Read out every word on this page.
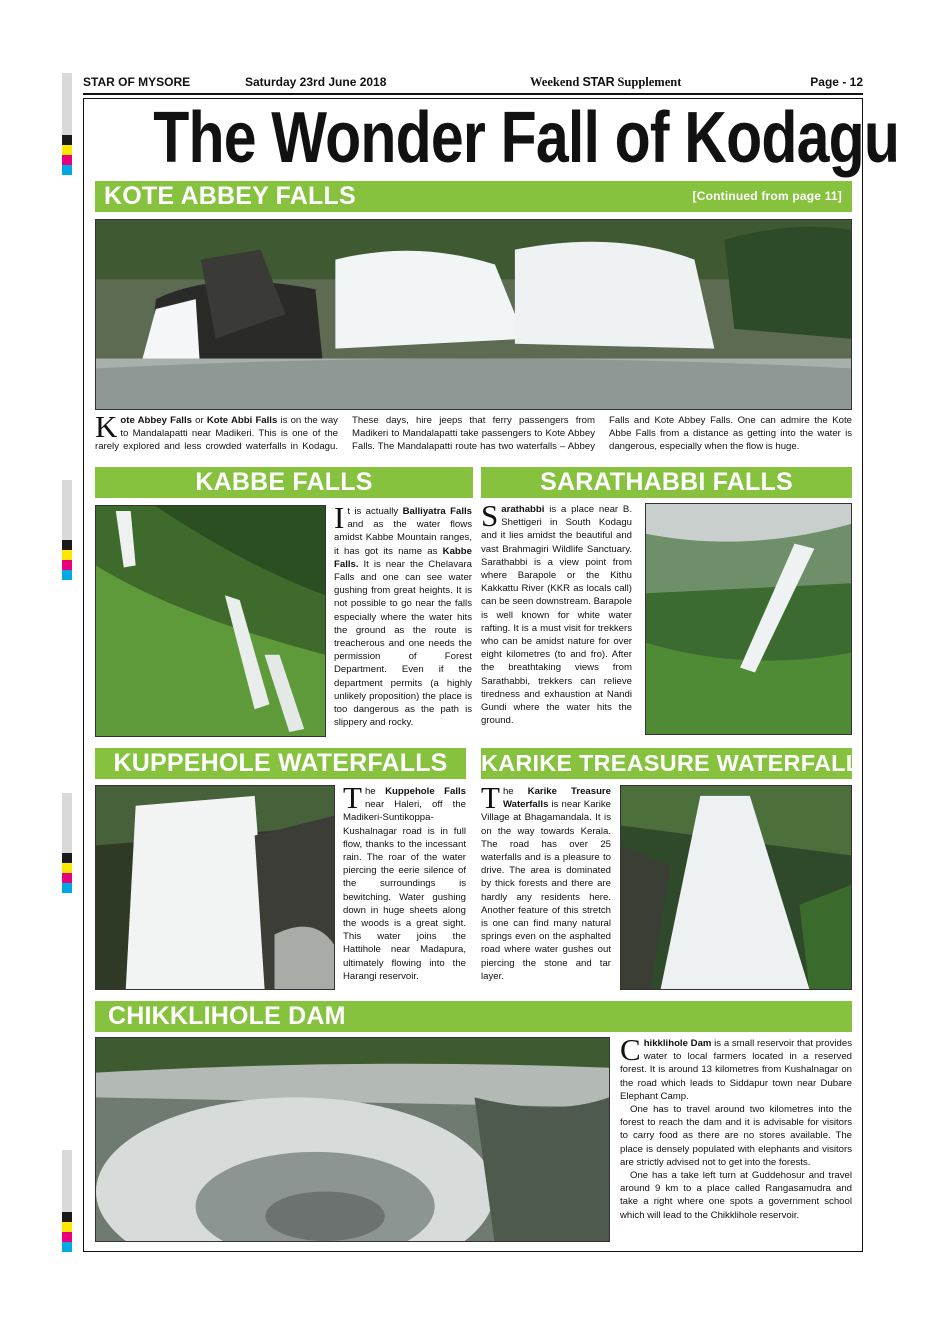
STAR OF MYSORE	Saturday 23rd June 2018	Weekend STAR Supplement	Page - 12
The Wonder Fall of Kodagu
KOTE ABBEY FALLS	[Continued from page 11]

Kote Abbey Falls or Kote Abbi Falls is on the way to Mandalapatti near Madikeri. This is one of the rarely explored and less crowded waterfalls in Kodagu. These days, hire jeeps that ferry passengers from Madikeri to Mandalapatti take passengers to Kote Abbey Falls. The Mandalapatti route has two waterfalls – Abbey Falls and Kote Abbey Falls. One can admire the Kote Abbe Falls from a distance as getting into the water is dangerous, especially when the flow is huge.

KABBE FALLS

It is actually Balliyatra Falls and as the water flows amidst Kabbe Mountain ranges, it has got its name as Kabbe Falls. It is near the Chelavara Falls and one can see water gushing from great heights. It is not possible to go near the falls especially where the water hits the ground as the route is treacherous and one needs the permission of Forest Department. Even if the department permits (a highly unlikely proposition) the place is too dangerous as the path is slippery and rocky.

SARATHABBI FALLS

Sarathabbi is a place near B. Shettigeri in South Kodagu and it lies amidst the beautiful and vast Brahmagiri Wildlife Sanctuary. Sarathabbi is a view point from where Barapole or the Kithu Kakkattu River (KKR as locals call) can be seen downstream. Barapole is well known for white water rafting. It is a must visit for trekkers who can be amidst nature for over eight kilometres (to and fro). After the breathtaking views from Sarathabbi, trekkers can relieve tiredness and exhaustion at Nandi Gundi where the water hits the ground.

KUPPEHOLE WATERFALLS

The Kuppehole Falls near Haleri, off the Madikeri-Suntikoppa-Kushalnagar road is in full flow, thanks to the incessant rain. The roar of the water piercing the eerie silence of the surroundings is bewitching. Water gushing down in huge sheets along the woods is a great sight. This water joins the Hattihole near Madapura, ultimately flowing into the Harangi reservoir.

KARIKE TREASURE WATERFALL

The Karike Treasure Waterfalls is near Karike Village at Bhagamandala. It is on the way towards Kerala. The road has over 25 waterfalls and is a pleasure to drive. The area is dominated by thick forests and there are hardly any residents here. Another feature of this stretch is one can find many natural springs even on the asphalted road where water gushes out piercing the stone and tar layer.

CHIKKLIHOLE DAM

Chikklihole Dam is a small reservoir that provides water to local farmers located in a reserved forest. It is around 13 kilometres from Kushalnagar on the road which leads to Siddapur town near Dubare Elephant Camp.

One has to travel around two kilometres into the forest to reach the dam and it is advisable for visitors to carry food as there are no stores available. The place is densely populated with elephants and visitors are strictly advised not to get into the forests.

One has a take left turn at Guddehosur and travel around 9 km to a place called Rangasamudra and take a right where one spots a government school which will lead to the Chikklihole reservoir.
